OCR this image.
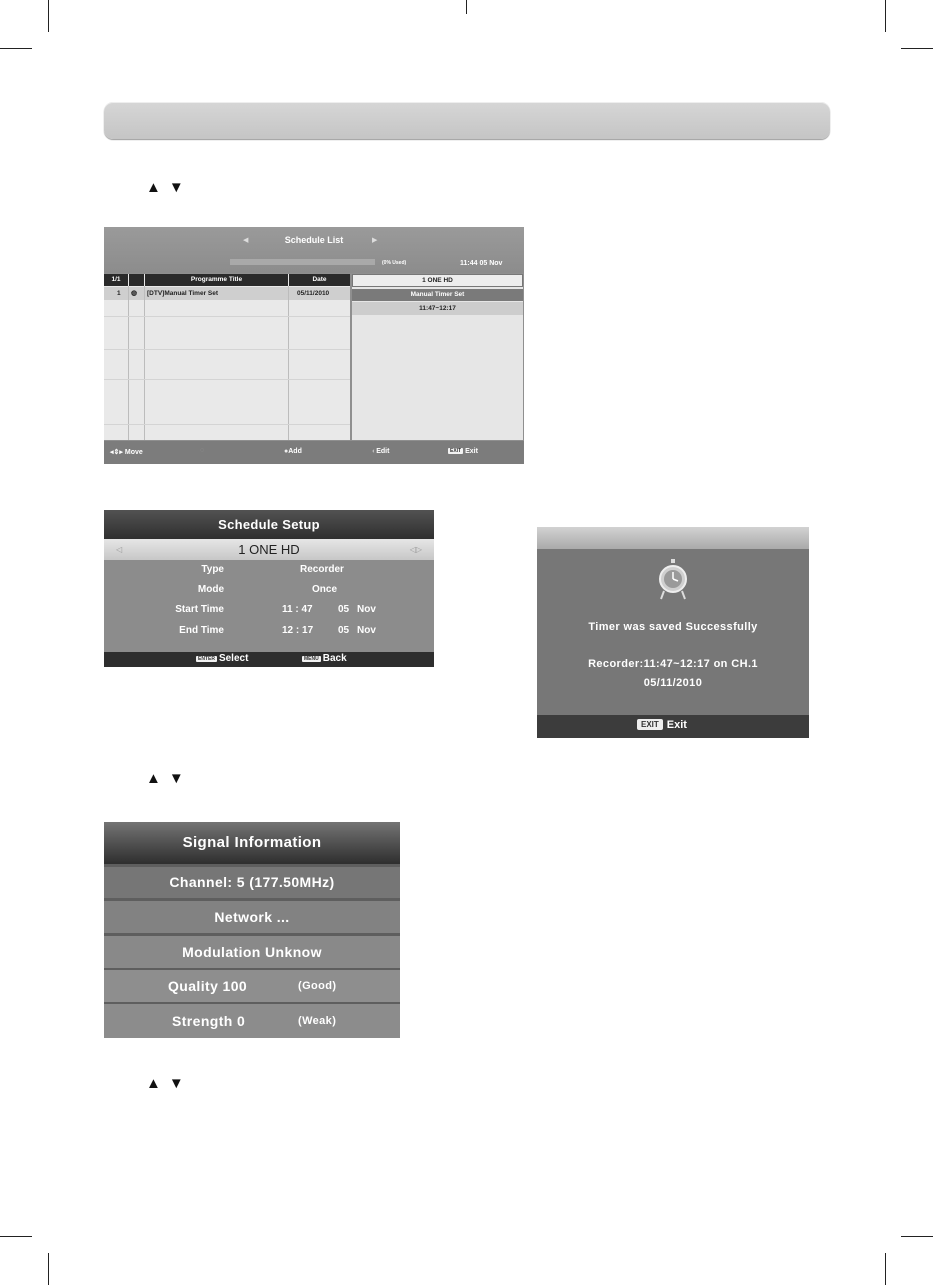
▲ ▼
◀	Schedule List	▶
(0% Used)	11:44 05 Nov
1/1	Programme Title	Date
1 ◍ [DTV]Manual Timer Set	05/11/2010
1 ONE HD
Manual Timer Set
11:47~12:17
◂⇕▸ Move	◌	●Add	◐Edit	EXIT Exit
Schedule Setup
◁	1 ONE HD	◁▷
Type	Recorder
Mode	Once
Start Time	11 : 47	05 Nov
End Time	12 : 17 05 Nov
ENTER Select	MENU Back
Timer was saved Successfully
Recorder:11:47~12:17 on CH.1
05/11/2010
EXIT Exit
▲ ▼
Signal Information
Channel: 5 (177.50MHz)
Network ...
Modulation Unknow
Quality 100	(Good)
Strength 0	(Weak)
▲ ▼
